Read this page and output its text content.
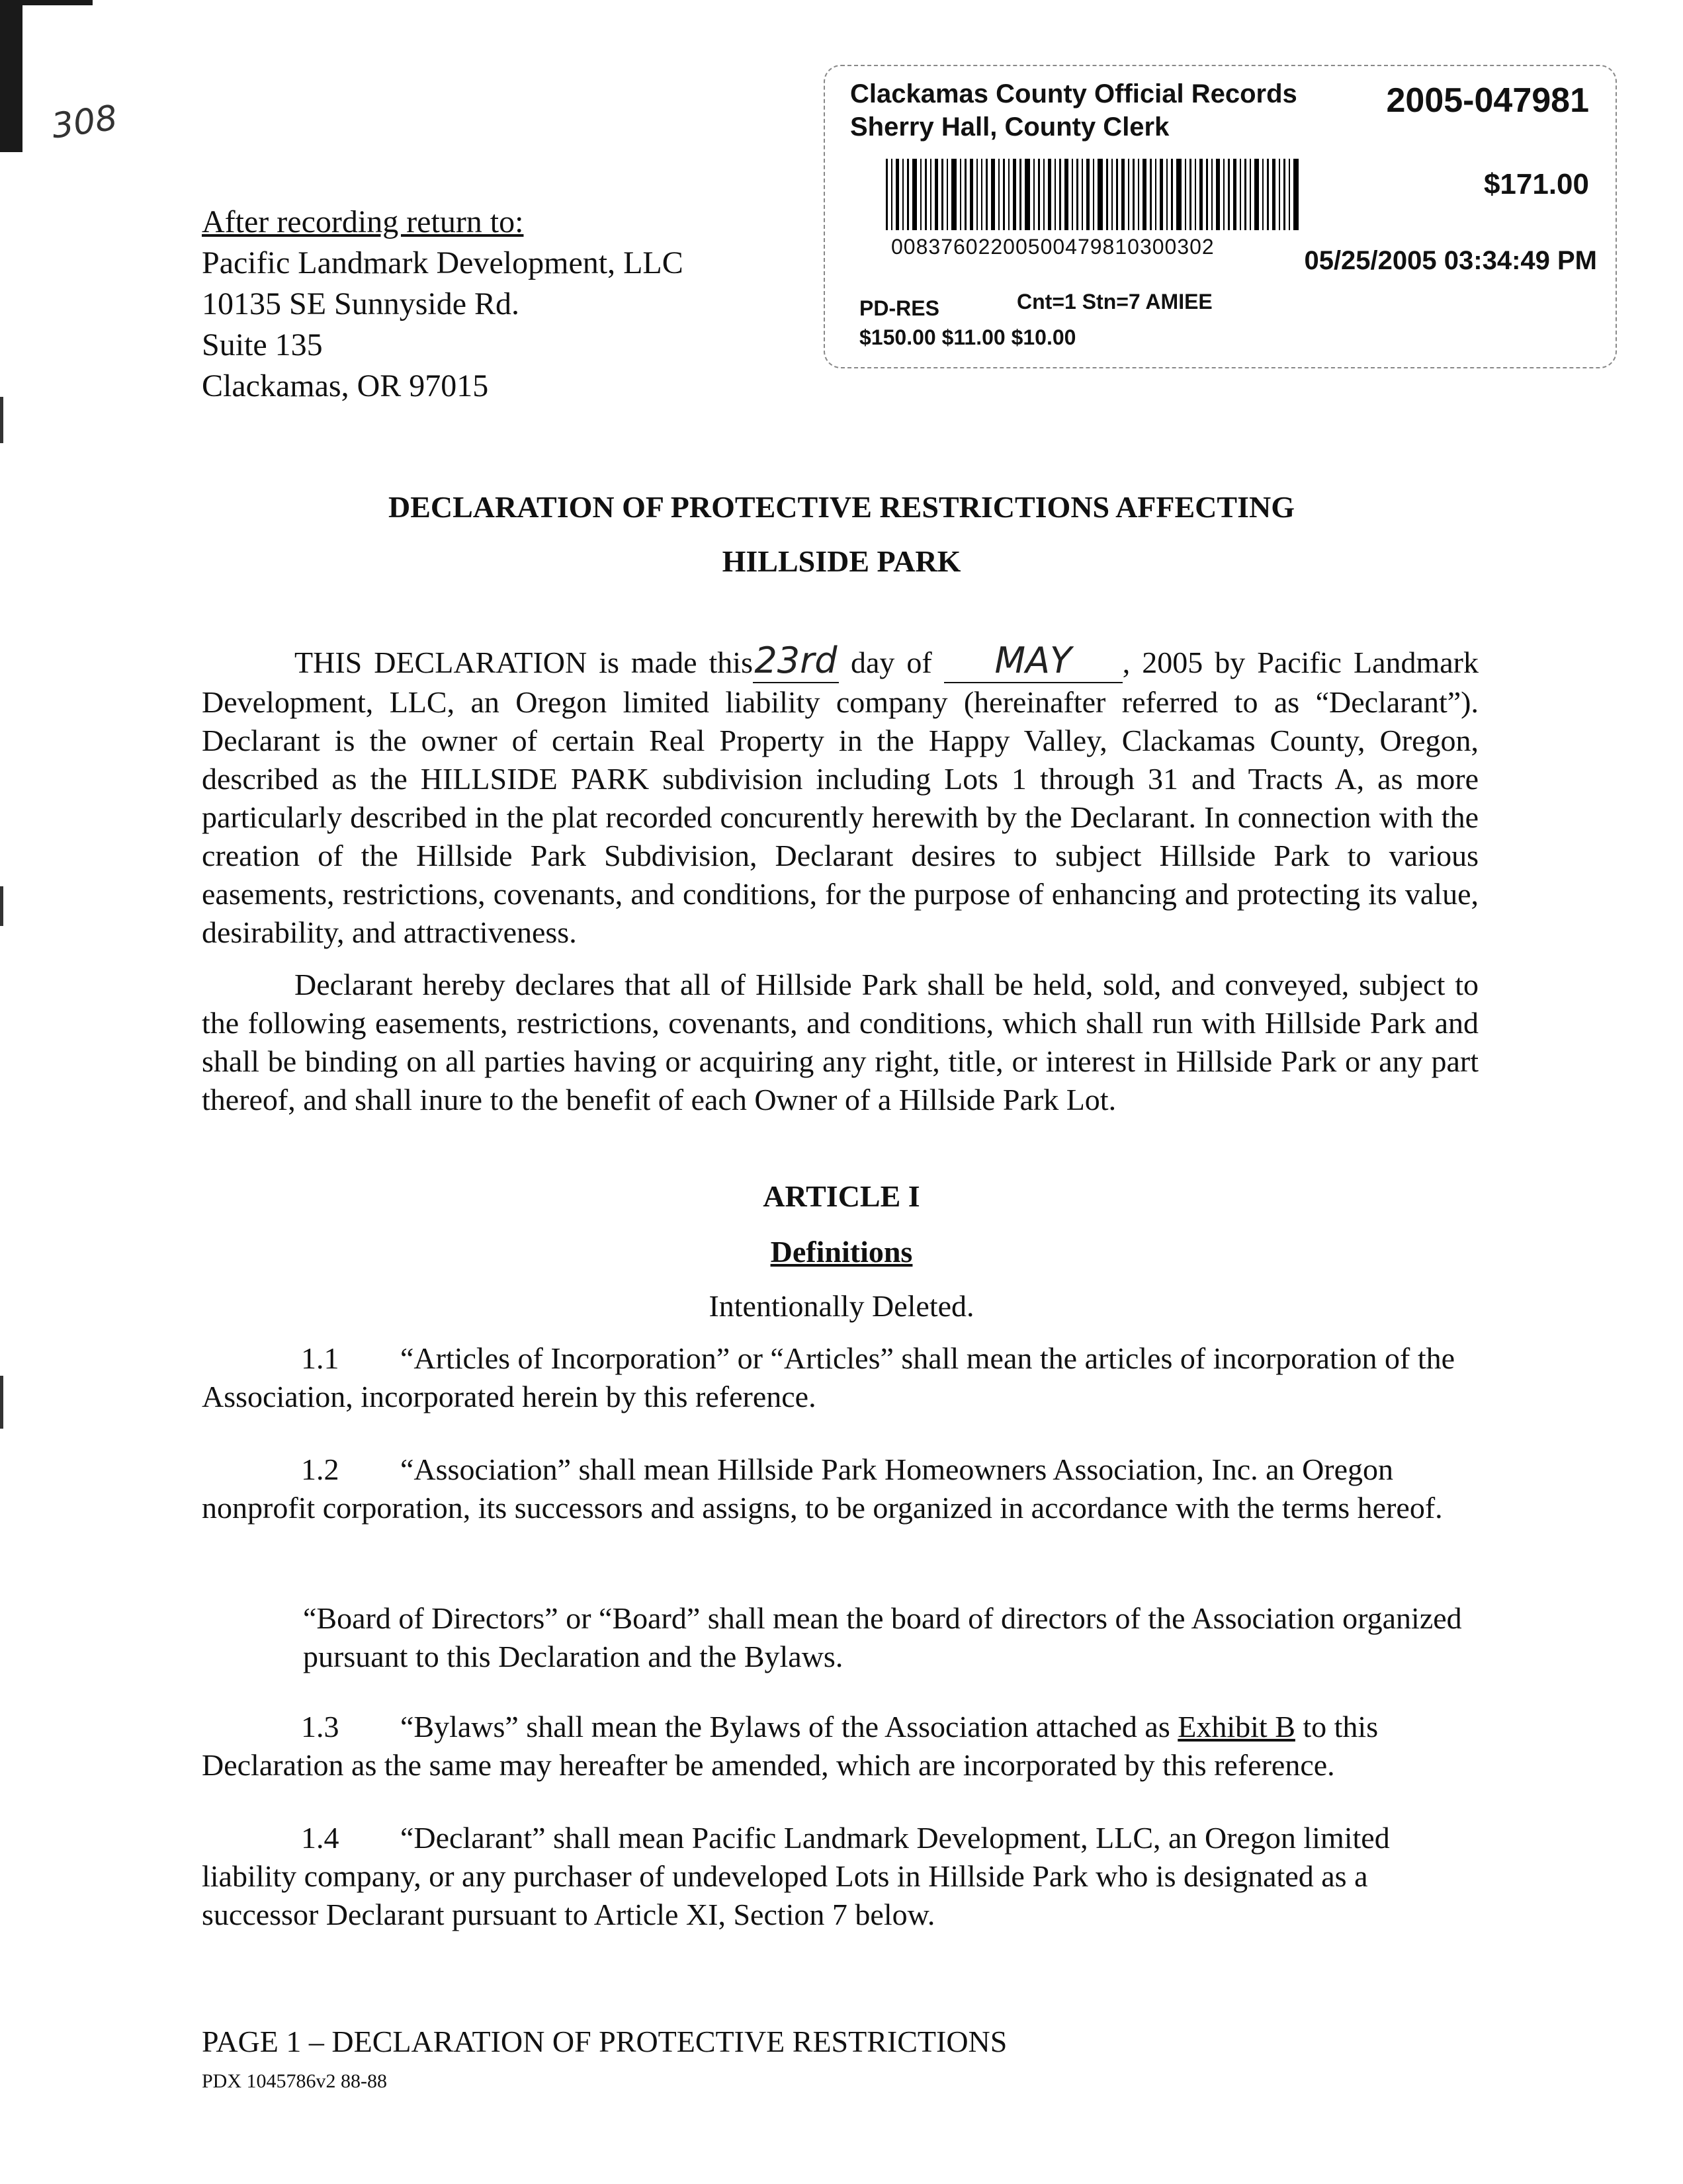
308
After recording return to:
Pacific Landmark Development, LLC
10135 SE Sunnyside Rd.
Suite 135
Clackamas, OR 97015
Clackamas County Official Records
Sherry Hall, County Clerk
2005-047981
$171.00
00837602200500479810300302	05/25/2005 03:34:49 PM
PD-RES	Cnt=1 Stn=7 AMIEE
$150.00 $11.00 $10.00
DECLARATION OF PROTECTIVE RESTRICTIONS AFFECTING
HILLSIDE PARK

THIS DECLARATION is made this23rd day of MAY , 2005 by Pacific Landmark Development, LLC, an Oregon limited liability company (hereinafter referred to as “Declarant”). Declarant is the owner of certain Real Property in the Happy Valley, Clackamas County, Oregon, described as the HILLSIDE PARK subdivision including Lots 1 through 31 and Tracts A, as more particularly described in the plat recorded concurently herewith by the Declarant. In connection with the creation of the Hillside Park Subdivision, Declarant desires to subject Hillside Park to various easements, restrictions, covenants, and conditions, for the purpose of enhancing and protecting its value, desirability, and attractiveness.

Declarant hereby declares that all of Hillside Park shall be held, sold, and conveyed, subject to the following easements, restrictions, covenants, and conditions, which shall run with Hillside Park and shall be binding on all parties having or acquiring any right, title, or interest in Hillside Park or any part thereof, and shall inure to the benefit of each Owner of a Hillside Park Lot.

ARTICLE I
Definitions
Intentionally Deleted.
1.1 “Articles of Incorporation” or “Articles” shall mean the articles of incorporation of the Association, incorporated herein by this reference.
1.2 “Association” shall mean Hillside Park Homeowners Association, Inc. an Oregon nonprofit corporation, its successors and assigns, to be organized in accordance with the terms hereof.
“Board of Directors” or “Board” shall mean the board of directors of the Association organized pursuant to this Declaration and the Bylaws.
1.3 “Bylaws” shall mean the Bylaws of the Association attached as Exhibit B to this Declaration as the same may hereafter be amended, which are incorporated by this reference.
1.4 “Declarant” shall mean Pacific Landmark Development, LLC, an Oregon limited liability company, or any purchaser of undeveloped Lots in Hillside Park who is designated as a successor Declarant pursuant to Article XI, Section 7 below.
PAGE 1 – DECLARATION OF PROTECTIVE RESTRICTIONS
PDX 1045786v2 88-88
